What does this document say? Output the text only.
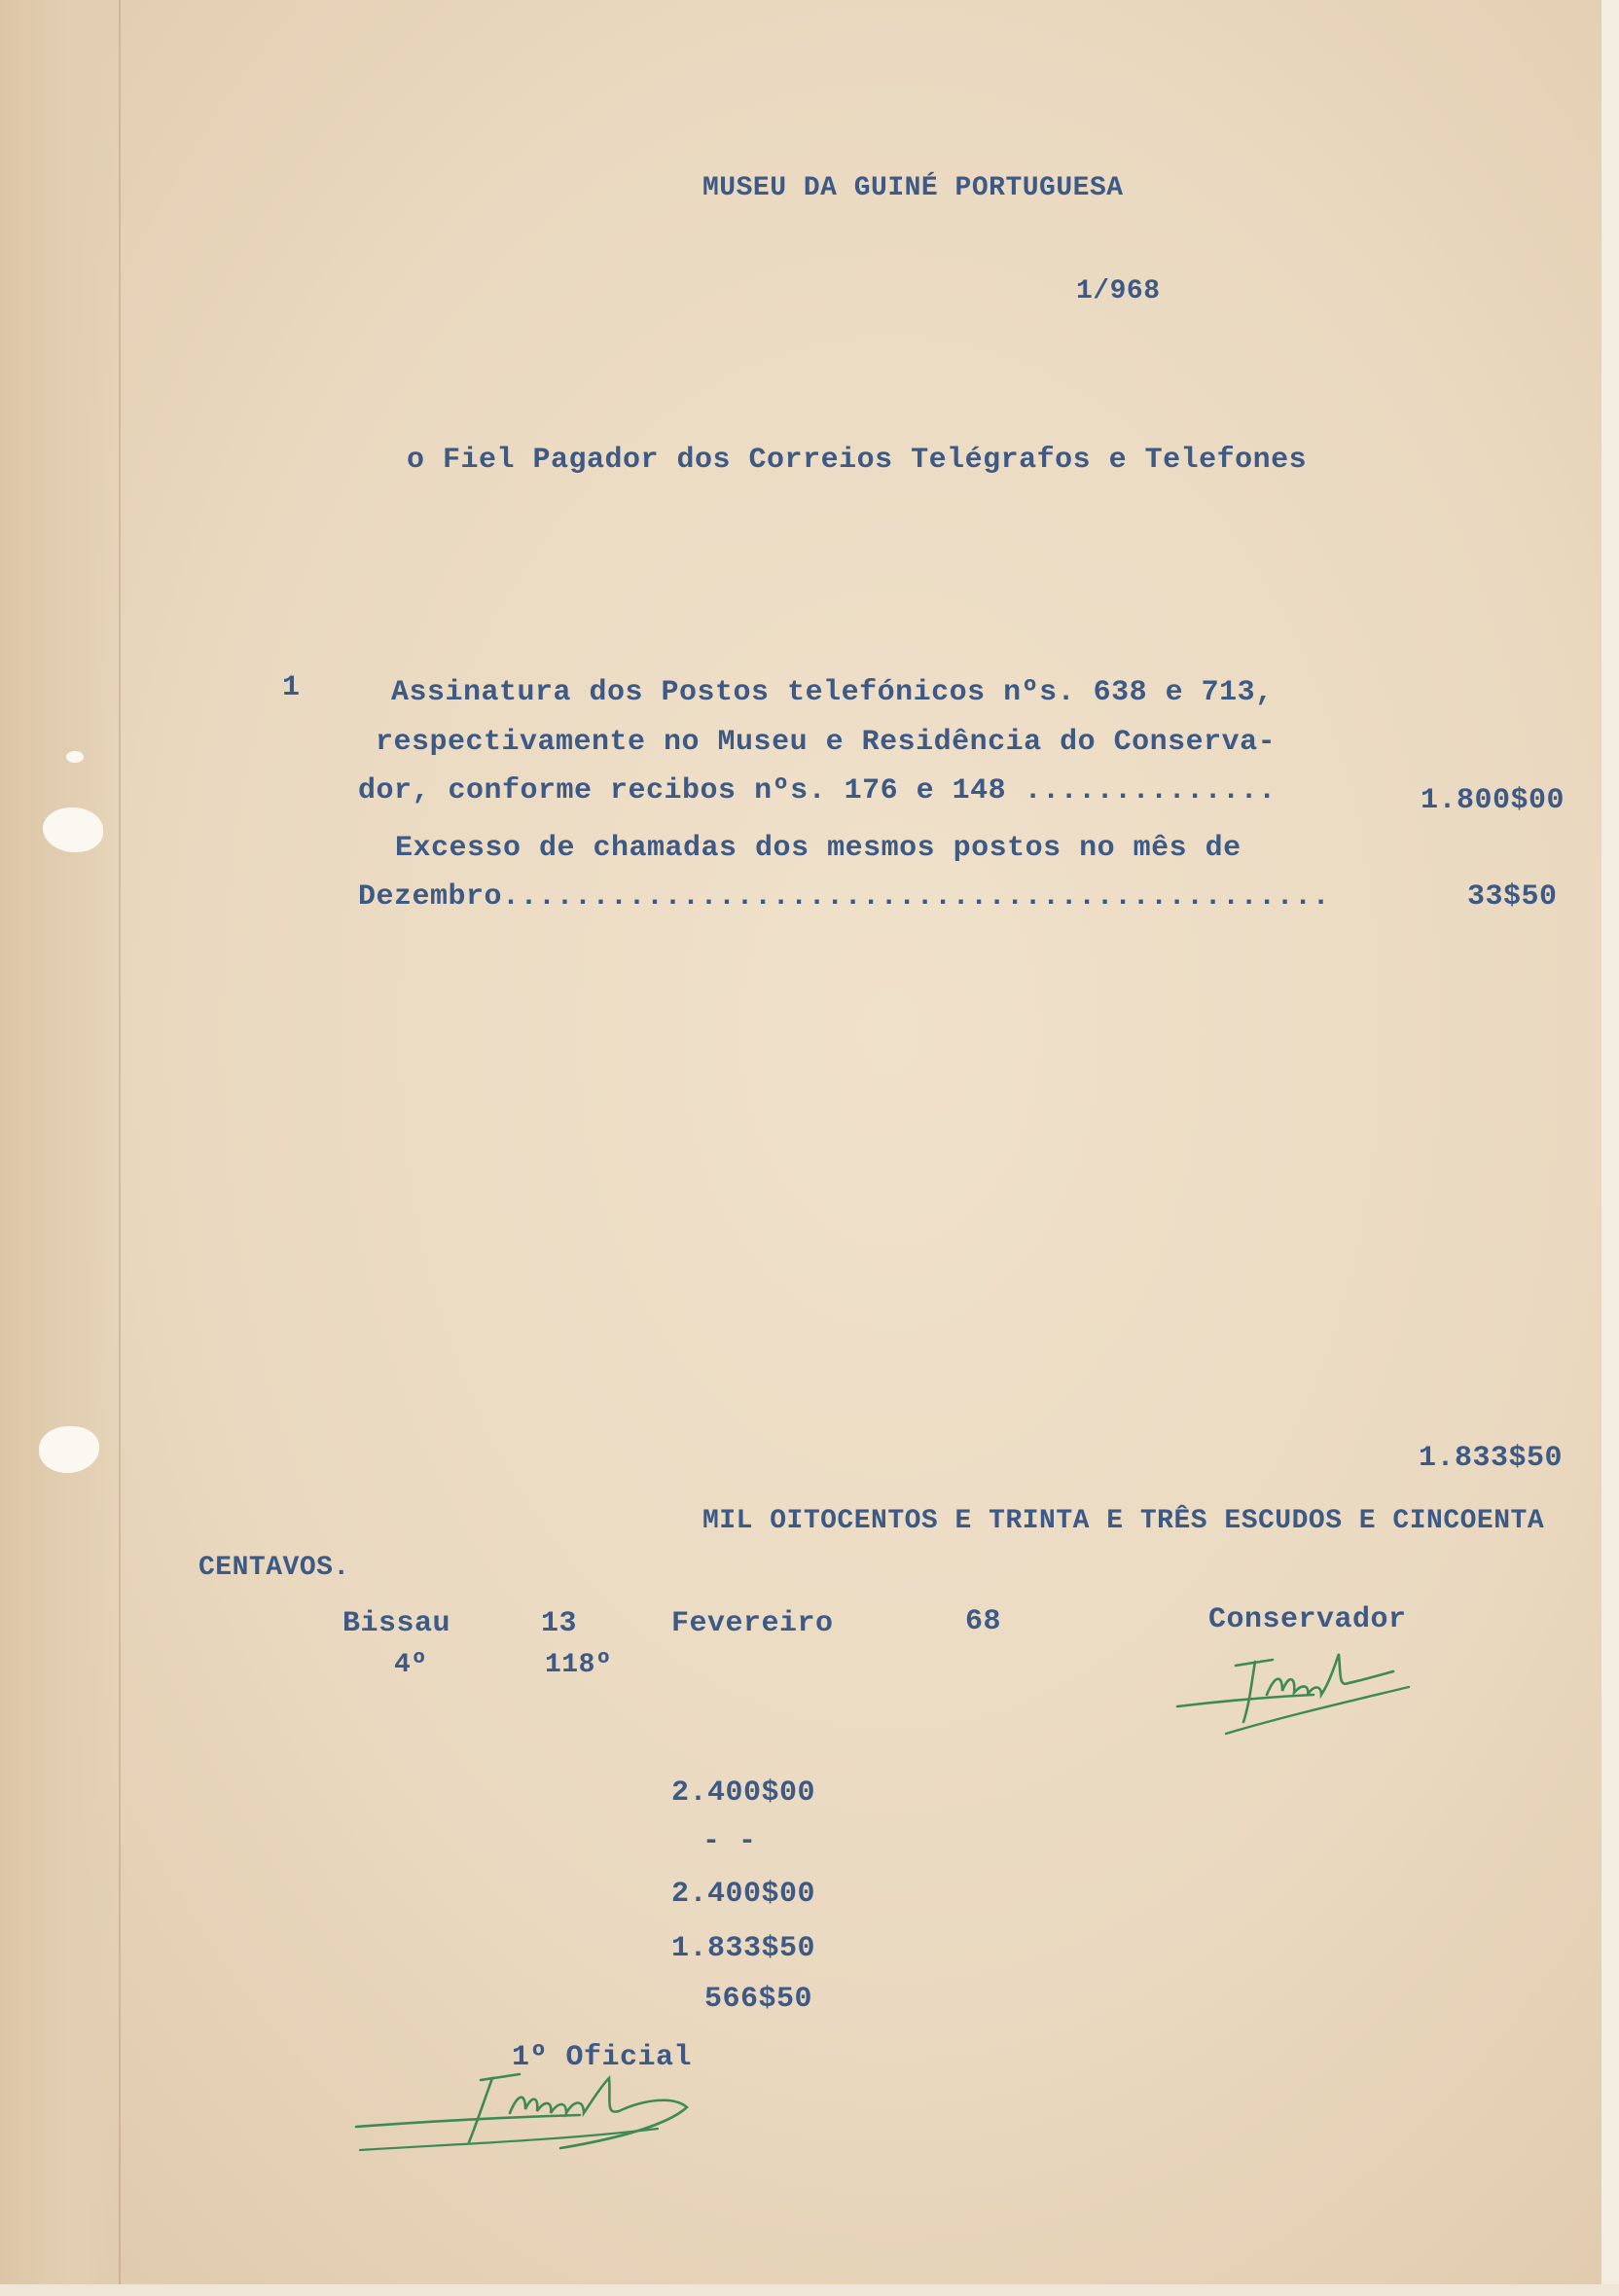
MUSEU DA GUINÉ PORTUGUESA
1/968
o Fiel Pagador dos Correios Telégrafos e Telefones
1	Assinatura dos Postos telefónicos nºs. 638 e 713,
respectivamente no Museu e Residência do Conserva-
dor, conforme recibos nºs. 176 e 148 ..............	1.800$00
Excesso de chamadas dos mesmos postos no mês de
Dezembro..............................................	33$50
1.833$50
MIL OITOCENTOS E TRINTA E TRÊS ESCUDOS E CINCOENTA
CENTAVOS.
Bissau	13	Fevereiro	68	Conservador
4º	118º
2.400$00
- -
2.400$00
1.833$50
566$50
1º Oficial
